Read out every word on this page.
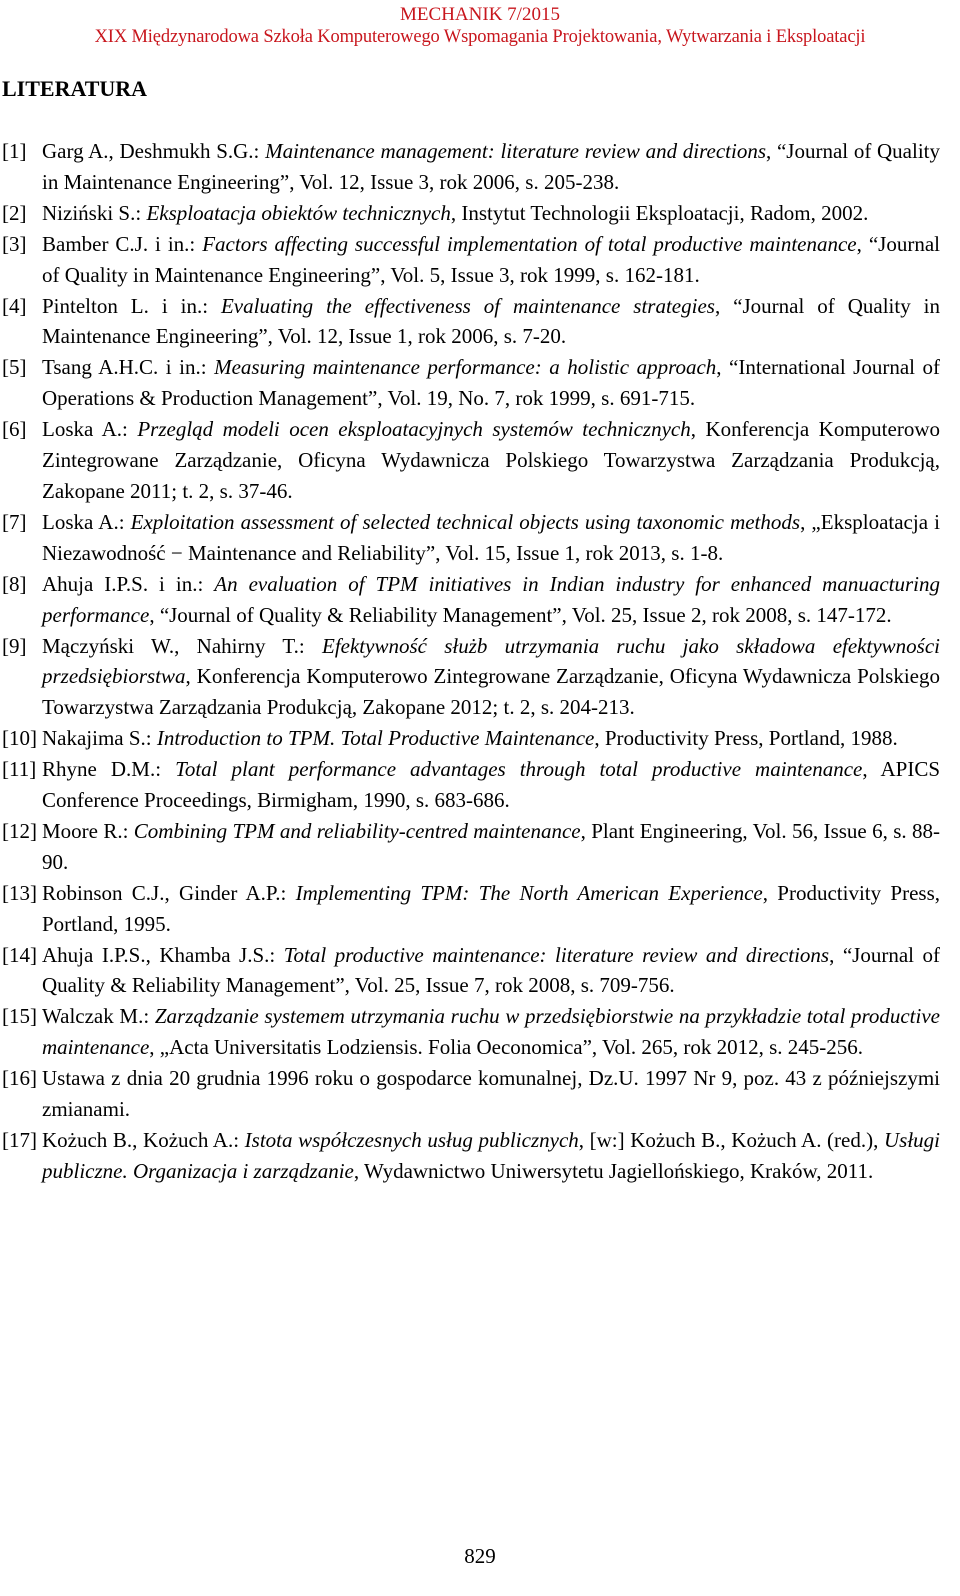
MECHANIK 7/2015
XIX Międzynarodowa Szkoła Komputerowego Wspomagania Projektowania, Wytwarzania i Eksploatacji
LITERATURA
[1] Garg A., Deshmukh S.G.: Maintenance management: literature review and directions, “Journal of Quality in Maintenance Engineering”, Vol. 12, Issue 3, rok 2006, s. 205-238.
[2] Niziński S.: Eksploatacja obiektów technicznych, Instytut Technologii Eksploatacji, Radom, 2002.
[3] Bamber C.J. i in.: Factors affecting successful implementation of total productive maintenance, “Journal of Quality in Maintenance Engineering”, Vol. 5, Issue 3, rok 1999, s. 162-181.
[4] Pintelton L. i in.: Evaluating the effectiveness of maintenance strategies, “Journal of Quality in Maintenance Engineering”, Vol. 12, Issue 1, rok 2006, s. 7-20.
[5] Tsang A.H.C. i in.: Measuring maintenance performance: a holistic approach, “International Journal of Operations & Production Management”, Vol. 19, No. 7, rok 1999, s. 691-715.
[6] Loska A.: Przegląd modeli ocen eksploatacyjnych systemów technicznych, Konferencja Komputerowo Zintegrowane Zarządzanie, Oficyna Wydawnicza Polskiego Towarzystwa Zarządzania Produkcją, Zakopane 2011; t. 2, s. 37-46.
[7] Loska A.: Exploitation assessment of selected technical objects using taxonomic methods, „Eksploatacja i Niezawodność − Maintenance and Reliability”, Vol. 15, Issue 1, rok 2013, s. 1-8.
[8] Ahuja I.P.S. i in.: An evaluation of TPM initiatives in Indian industry for enhanced manuacturing performance, “Journal of Quality & Reliability Management”, Vol. 25, Issue 2, rok 2008, s. 147-172.
[9] Mączyński W., Nahirny T.: Efektywność służb utrzymania ruchu jako składowa efektywności przedsiębiorstwa, Konferencja Komputerowo Zintegrowane Zarządzanie, Oficyna Wydawnicza Polskiego Towarzystwa Zarządzania Produkcją, Zakopane 2012; t. 2, s. 204-213.
[10] Nakajima S.: Introduction to TPM. Total Productive Maintenance, Productivity Press, Portland, 1988.
[11] Rhyne D.M.: Total plant performance advantages through total productive maintenance, APICS Conference Proceedings, Birmigham, 1990, s. 683-686.
[12] Moore R.: Combining TPM and reliability-centred maintenance, Plant Engineering, Vol. 56, Issue 6, s. 88-90.
[13] Robinson C.J., Ginder A.P.: Implementing TPM: The North American Experience, Productivity Press, Portland, 1995.
[14] Ahuja I.P.S., Khamba J.S.: Total productive maintenance: literature review and directions, “Journal of Quality & Reliability Management”, Vol. 25, Issue 7, rok 2008, s. 709-756.
[15] Walczak M.: Zarządzanie systemem utrzymania ruchu w przedsiębiorstwie na przykładzie total productive maintenance, „Acta Universitatis Lodziensis. Folia Oeconomica”, Vol. 265, rok 2012, s. 245-256.
[16] Ustawa z dnia 20 grudnia 1996 roku o gospodarce komunalnej, Dz.U. 1997 Nr 9, poz. 43 z późniejszymi zmianami.
[17] Kożuch B., Kożuch A.: Istota współczesnych usług publicznych, [w:] Kożuch B., Kożuch A. (red.), Usługi publiczne. Organizacja i zarządzanie, Wydawnictwo Uniwersytetu Jagiellońskiego, Kraków, 2011.
829
